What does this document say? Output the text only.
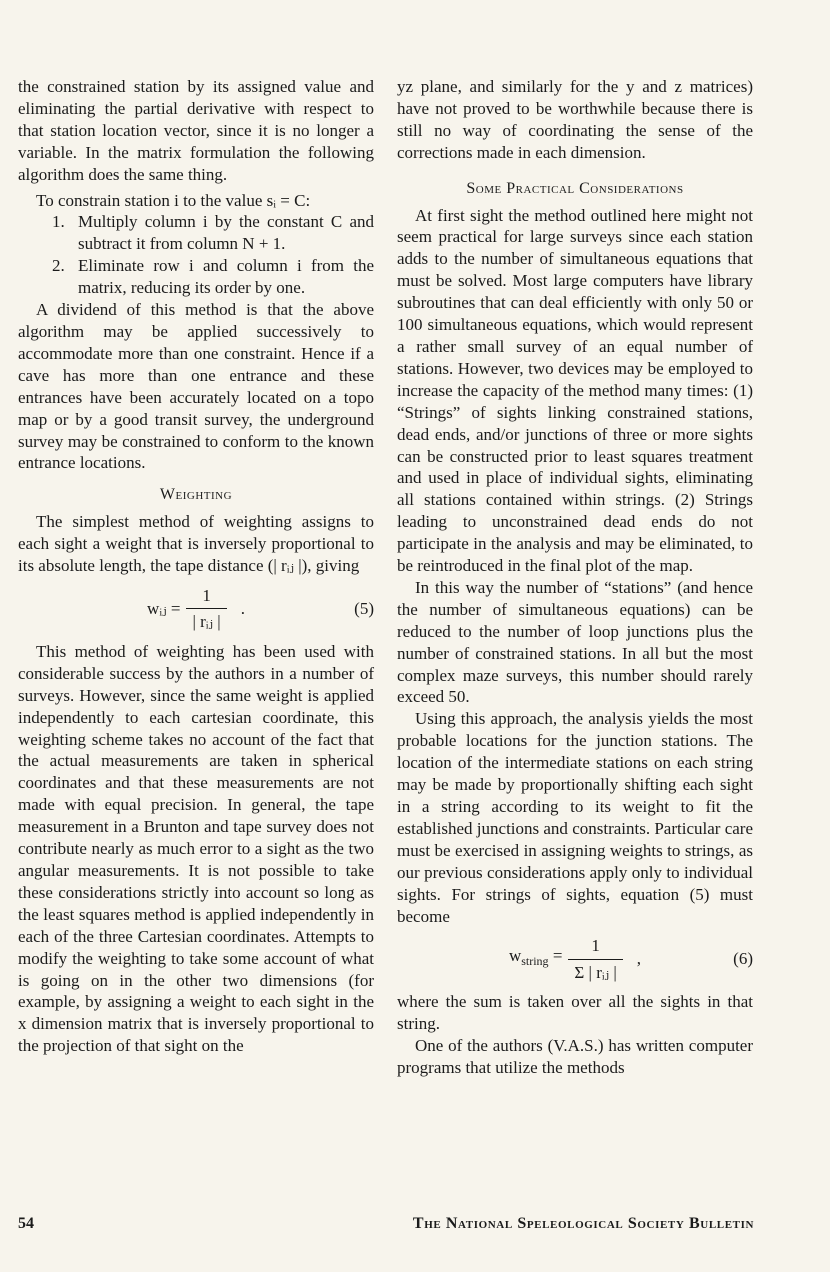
the constrained station by its assigned value and eliminating the partial derivative with respect to that station location vector, since it is no longer a variable. In the matrix formulation the following algorithm does the same thing.

To constrain station i to the value sᵢ = C:

1. Multiply column i by the constant C and subtract it from column N + 1.
2. Eliminate row i and column i from the matrix, reducing its order by one.

A dividend of this method is that the above algorithm may be applied successively to accommodate more than one constraint. Hence if a cave has more than one entrance and these entrances have been accurately located on a topo map or by a good transit survey, the underground survey may be constrained to conform to the known entrance locations.

Weighting

The simplest method of weighting assigns to each sight a weight that is inversely proportional to its absolute length, the tape distance (| rᵢⱼ |), giving

wᵢⱼ = $\frac{1}{\text{| rᵢⱼ |}}$ .	(5)

This method of weighting has been used with considerable success by the authors in a number of surveys. However, since the same weight is applied independently to each cartesian coordinate, this weighting scheme takes no account of the fact that the actual measurements are taken in spherical coordinates and that these measurements are not made with equal precision. In general, the tape measurement in a Brunton and tape survey does not contribute nearly as much error to a sight as the two angular measurements. It is not possible to take these considerations strictly into account so long as the least squares method is applied independently in each of the three Cartesian coordinates. Attempts to modify the weighting to take some account of what is going on in the other two dimensions (for example, by assigning a weight to each sight in the x dimension matrix that is inversely proportional to the projection of that sight on the

yz plane, and similarly for the y and z matrices) have not proved to be worthwhile because there is still no way of coordinating the sense of the corrections made in each dimension.

Some Practical Considerations

At first sight the method outlined here might not seem practical for large surveys since each station adds to the number of simultaneous equations that must be solved. Most large computers have library subroutines that can deal efficiently with only 50 or 100 simultaneous equations, which would represent a rather small survey of an equal number of stations. However, two devices may be employed to increase the capacity of the method many times: (1) “Strings” of sights linking constrained stations, dead ends, and/or junctions of three or more sights can be constructed prior to least squares treatment and used in place of individual sights, eliminating all stations contained within strings. (2) Strings leading to unconstrained dead ends do not participate in the analysis and may be eliminated, to be reintroduced in the final plot of the map.

In this way the number of “stations” (and hence the number of simultaneous equations) can be reduced to the number of loop junctions plus the number of constrained stations. In all but the most complex maze surveys, this number should rarely exceed 50.

Using this approach, the analysis yields the most probable locations for the junction stations. The location of the intermediate stations on each string may be made by proportionally shifting each sight in a string according to its weight to fit the established junctions and constraints. Particular care must be exercised in assigning weights to strings, as our previous considerations apply only to individual sights. For strings of sights, equation (5) must become

$w_{string} = \frac{1}{\text{Σ | rᵢⱼ |}}$ ,	(6)

where the sum is taken over all the sights in that string.

One of the authors (V.A.S.) has written computer programs that utilize the methods

54	The National Speleological Society Bulletin
